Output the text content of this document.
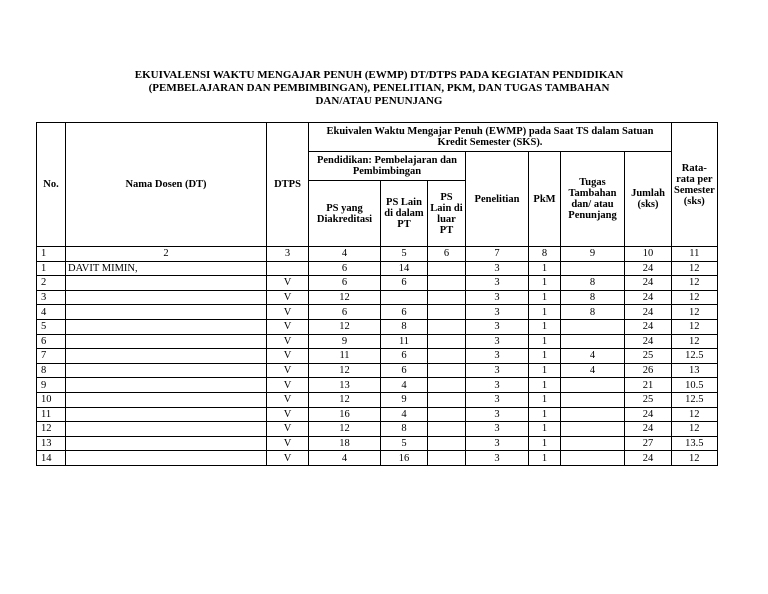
EKUIVALENSI WAKTU MENGAJAR PENUH (EWMP) DT/DTPS PADA KEGIATAN PENDIDIKAN
(PEMBELAJARAN DAN PEMBIMBINGAN), PENELITIAN, PKM, DAN TUGAS TAMBAHAN
DAN/ATAU PENUNJANG
No.	Nama Dosen (DT)	DTPS	Ekuivalen Waktu Mengajar Penuh (EWMP) pada Saat TS dalam Satuan Kredit Semester (SKS).							Rata-rata per Semester (sks)
			Pendidikan: Pembelajaran dan Pembimbingan			Penelitian	PkM	Tugas Tambahan dan/ atau Penunjang	Jumlah (sks)	
			PS yang Diakreditasi	PS Lain di dalam PT	PS Lain di luar PT					
1	2	3	4	5	6	7	8	9	10	11
1	DAVIT MIMIN,		6	14		3	1		24	12
2		V	6	6		3	1	8	24	12
3		V	12			3	1	8	24	12
4		V	6	6		3	1	8	24	12
5		V	12	8		3	1		24	12
6		V	9	11		3	1		24	12
7		V	11	6		3	1	4	25	12.5
8		V	12	6		3	1	4	26	13
9		V	13	4		3	1		21	10.5
10		V	12	9		3	1		25	12.5
11		V	16	4		3	1		24	12
12		V	12	8		3	1		24	12
13		V	18	5		3	1		27	13.5
14		V	4	16		3	1		24	12
